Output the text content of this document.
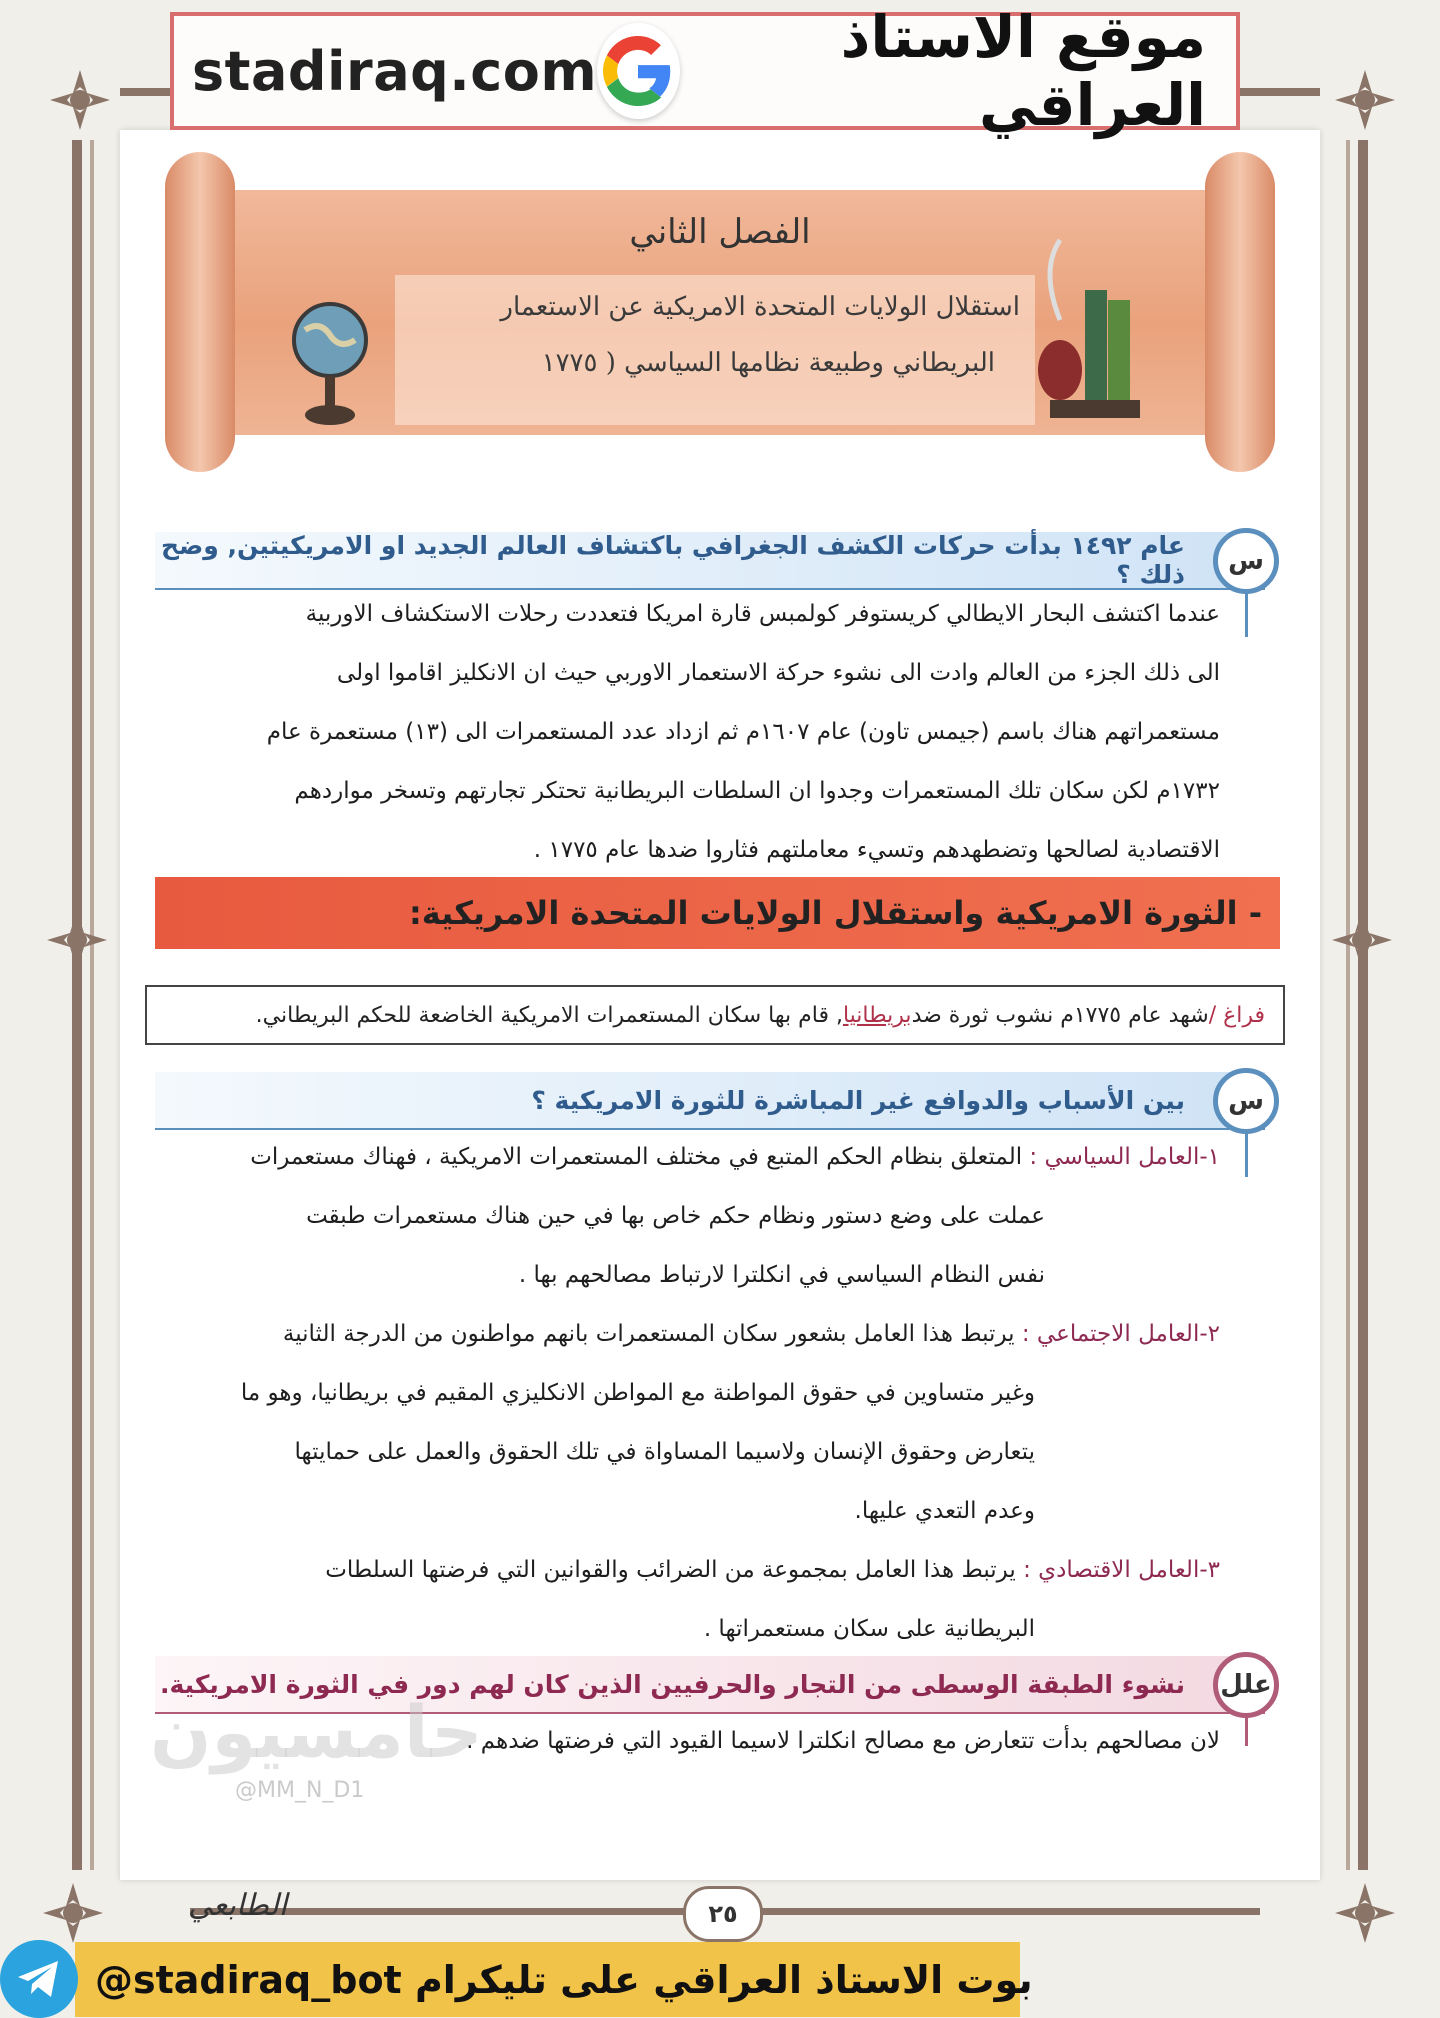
stadiraq.com	موقع الاستاذ العراقي
الفصل الثاني
استقلال الولايات المتحدة الامريكية عن الاستعمار
البريطاني وطبيعة نظامها السياسي ( ١٧٧٥
س
عام ١٤٩٢ بدأت حركات الكشف الجغرافي باكتشاف العالم الجديد او الامريكيتين, وضح ذلك ؟
عندما اكتشف البحار الايطالي كريستوفر كولمبس قارة امريكا فتعددت رحلات الاستكشاف الاوربية
الى ذلك الجزء من العالم وادت الى نشوء حركة الاستعمار الاوربي حيث ان الانكليز اقاموا اولى
مستعمراتهم هناك باسم (جيمس تاون) عام ١٦٠٧م ثم ازداد عدد المستعمرات الى (١٣) مستعمرة عام
١٧٣٢م لكن سكان تلك المستعمرات وجدوا ان السلطات البريطانية تحتكر تجارتهم وتسخر مواردهم
الاقتصادية لصالحها وتضطهدهم وتسيء معاملتهم فثاروا ضدها عام ١٧٧٥ .
- الثورة الامريكية واستقلال الولايات المتحدة الامريكية:
فراغ /
شهد عام ١٧٧٥م نشوب ثورة ضد
بريطانيا
, قام بها سكان المستعمرات الامريكية الخاضعة للحكم البريطاني.
س
بين الأسباب والدوافع غير المباشرة للثورة الامريكية ؟
١-العامل السياسي : المتعلق بنظام الحكم المتبع في مختلف المستعمرات الامريكية ، فهناك مستعمرات
عملت على وضع دستور ونظام حكم خاص بها في حين هناك مستعمرات طبقت
نفس النظام السياسي في انكلترا لارتباط مصالحهم بها .
٢-العامل الاجتماعي : يرتبط هذا العامل بشعور سكان المستعمرات بانهم مواطنون من الدرجة الثانية
وغير متساوين في حقوق المواطنة مع المواطن الانكليزي المقيم في بريطانيا، وهو ما
يتعارض وحقوق الإنسان ولاسيما المساواة في تلك الحقوق والعمل على حمايتها
وعدم التعدي عليها.
٣-العامل الاقتصادي : يرتبط هذا العامل بمجموعة من الضرائب والقوانين التي فرضتها السلطات
البريطانية على سكان مستعمراتها .
علل
نشوء الطبقة الوسطى من التجار والحرفيين الذين كان لهم دور في الثورة الامريكية.
لان مصالحهم بدأت تتعارض مع مصالح انكلترا لاسيما القيود التي فرضتها ضدهم .
حامسيون
@MM_N_D1
الطابعي	٢٥
@stadiraq_bot بوت الاستاذ العراقي على تليكرام
